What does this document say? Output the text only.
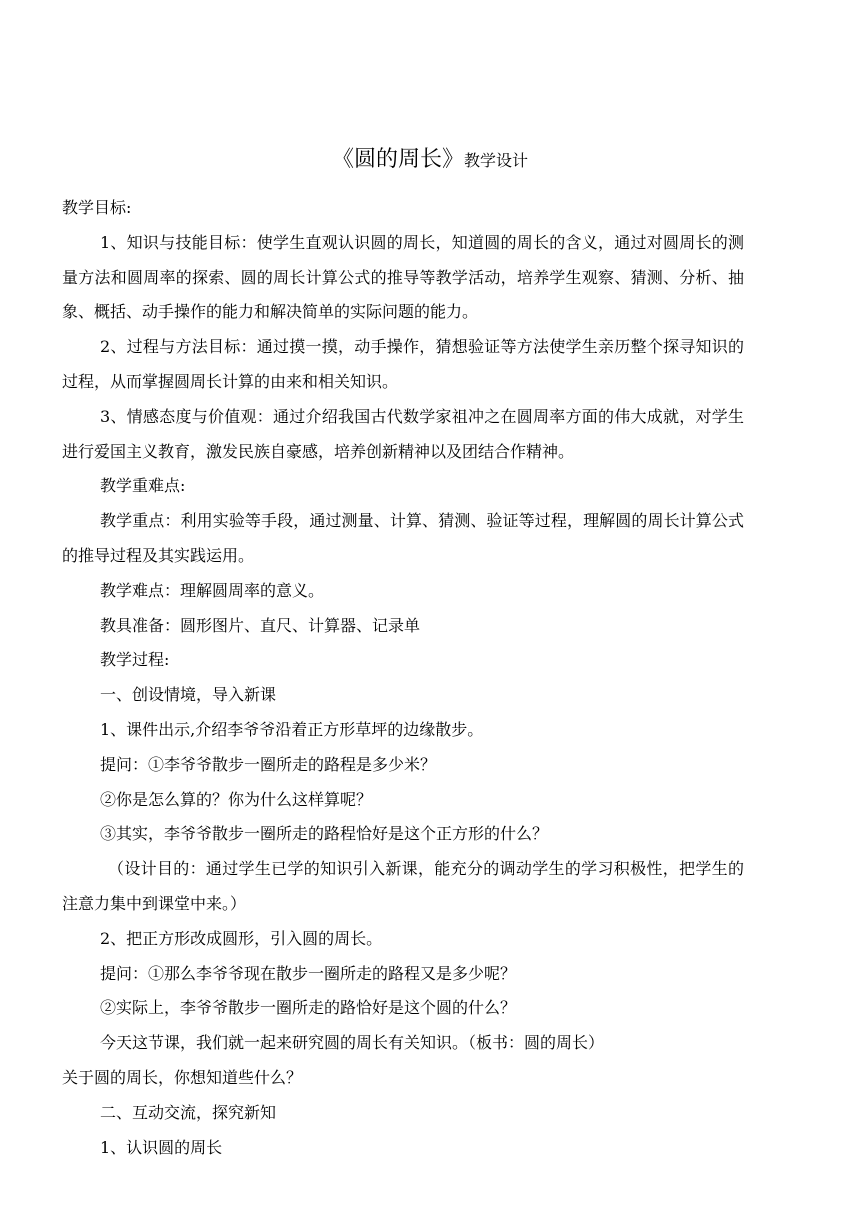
《圆的周长》教学设计

教学目标:

1、知识与技能目标：使学生直观认识圆的周长，知道圆的周长的含义，通过对圆周长的测量方法和圆周率的探索、圆的周长计算公式的推导等教学活动，培养学生观察、猜测、分析、抽象、概括、动手操作的能力和解决简单的实际问题的能力。

2、过程与方法目标：通过摸一摸，动手操作，猜想验证等方法使学生亲历整个探寻知识的过程，从而掌握圆周长计算的由来和相关知识。

3、情感态度与价值观：通过介绍我国古代数学家祖冲之在圆周率方面的伟大成就，对学生进行爱国主义教育，激发民族自豪感，培养创新精神以及团结合作精神。

教学重难点:

教学重点：利用实验等手段，通过测量、计算、猜测、验证等过程，理解圆的周长计算公式的推导过程及其实践运用。

教学难点：理解圆周率的意义。

教具准备：圆形图片、直尺、计算器、记录单

教学过程:

一、创设情境，导入新课

1、课件出示,介绍李爷爷沿着正方形草坪的边缘散步。

提问：①李爷爷散步一圈所走的路程是多少米？

②你是怎么算的？你为什么这样算呢？

③其实，李爷爷散步一圈所走的路程恰好是这个正方形的什么？

（设计目的：通过学生已学的知识引入新课，能充分的调动学生的学习积极性，把学生的注意力集中到课堂中来。）

2、把正方形改成圆形，引入圆的周长。

提问：①那么李爷爷现在散步一圈所走的路程又是多少呢？

②实际上，李爷爷散步一圈所走的路恰好是这个圆的什么？

今天这节课，我们就一起来研究圆的周长有关知识。（板书：圆的周长）

关于圆的周长，你想知道些什么？

二、互动交流，探究新知

1、认识圆的周长
